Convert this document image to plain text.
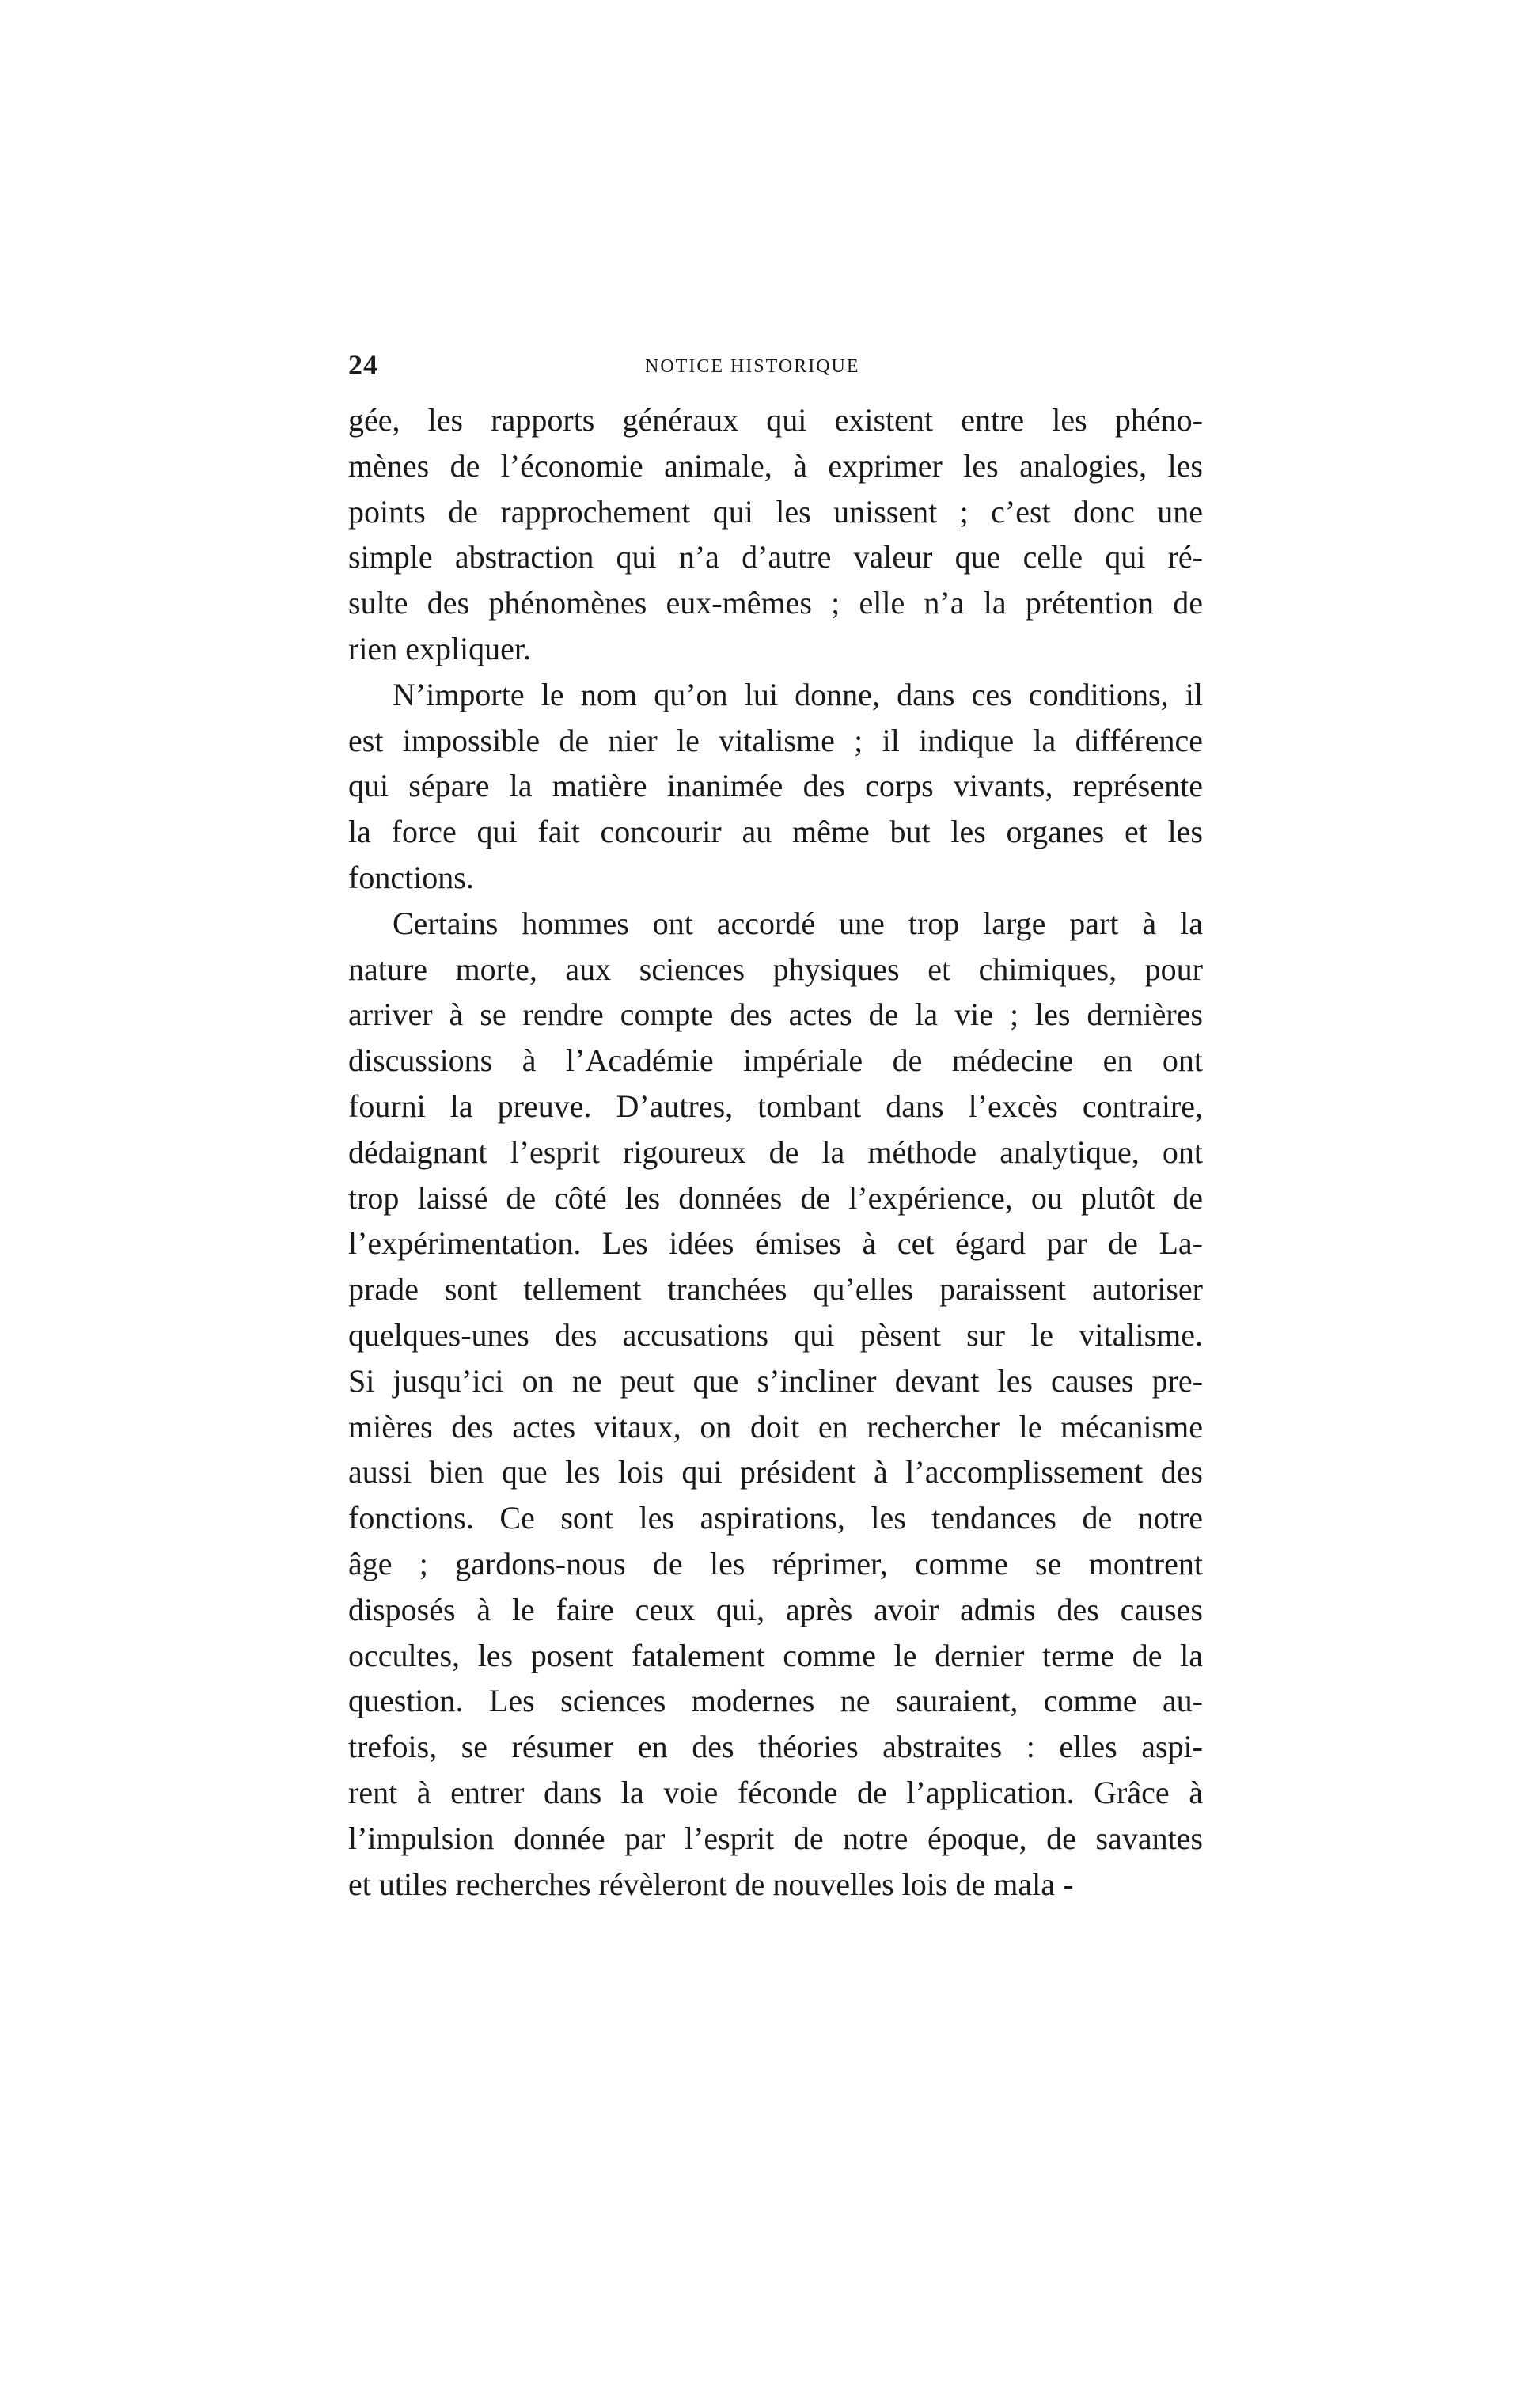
24	NOTICE HISTORIQUE
gée, les rapports généraux qui existent entre les phéno-
mènes de l’économie animale, à exprimer les analogies, les
points de rapprochement qui les unissent ; c’est donc une
simple abstraction qui n’a d’autre valeur que celle qui ré-
sulte des phénomènes eux-mêmes ; elle n’a la prétention de
rien expliquer.
N’importe le nom qu’on lui donne, dans ces conditions, il
est impossible de nier le vitalisme ; il indique la différence
qui sépare la matière inanimée des corps vivants, représente
la force qui fait concourir au même but les organes et les
fonctions.
Certains hommes ont accordé une trop large part à la
nature morte, aux sciences physiques et chimiques, pour
arriver à se rendre compte des actes de la vie ; les dernières
discussions à l’Académie impériale de médecine en ont
fourni la preuve. D’autres, tombant dans l’excès contraire,
dédaignant l’esprit rigoureux de la méthode analytique, ont
trop laissé de côté les données de l’expérience, ou plutôt de
l’expérimentation. Les idées émises à cet égard par de La-
prade sont tellement tranchées qu’elles paraissent autoriser
quelques-unes des accusations qui pèsent sur le vitalisme.
Si jusqu’ici on ne peut que s’incliner devant les causes pre-
mières des actes vitaux, on doit en rechercher le mécanisme
aussi bien que les lois qui président à l’accomplissement des
fonctions. Ce sont les aspirations, les tendances de notre
âge ; gardons-nous de les réprimer, comme se montrent
disposés à le faire ceux qui, après avoir admis des causes
occultes, les posent fatalement comme le dernier terme de la
question. Les sciences modernes ne sauraient, comme au-
trefois, se résumer en des théories abstraites : elles aspi-
rent à entrer dans la voie féconde de l’application. Grâce à
l’impulsion donnée par l’esprit de notre époque, de savantes
et utiles recherches révèleront de nouvelles lois de mala -
